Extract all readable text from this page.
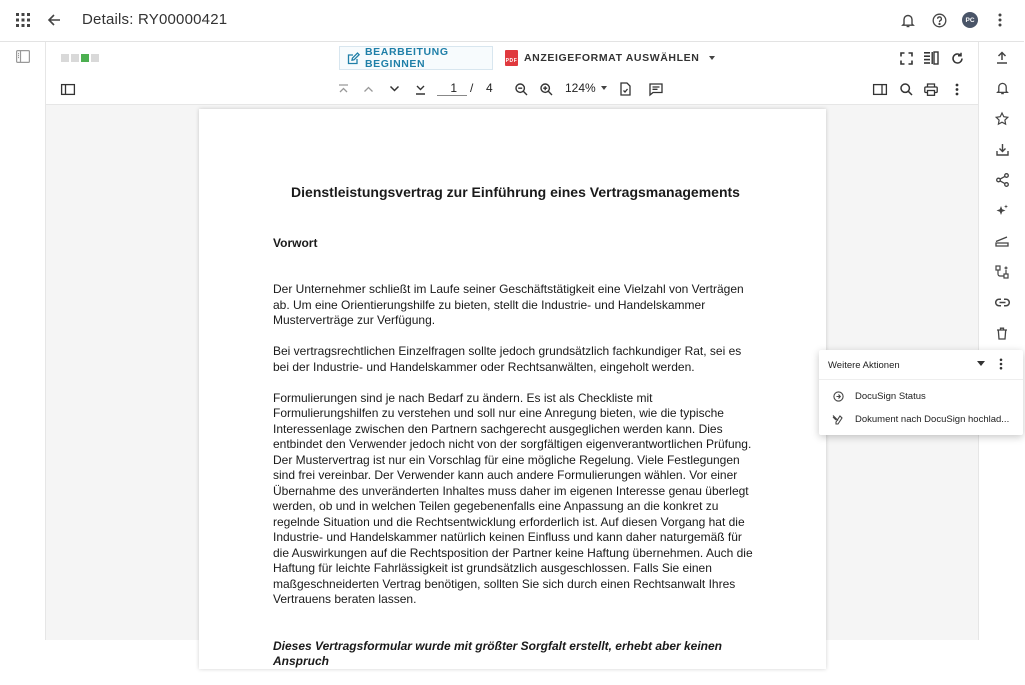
Details: RY00000421	PC
BEARBEITUNG BEGINNEN	PDF ANZEIGEFORMAT AUSWÄHLEN
1	/ 4	124%
Dienstleistungsvertrag zur Einführung eines Vertragsmanagements
Vorwort

Der Unternehmer schließt im Laufe seiner Geschäftstätigkeit eine Vielzahl von Verträgen ab. Um eine Orientierungshilfe zu bieten, stellt die Industrie- und Handelskammer Musterverträge zur Verfügung.

Bei vertragsrechtlichen Einzelfragen sollte jedoch grundsätzlich fachkundiger Rat, sei es bei der Industrie- und Handelskammer oder Rechtsanwälten, eingeholt werden.

Formulierungen sind je nach Bedarf zu ändern. Es ist als Checkliste mit Formulierungshilfen zu verstehen und soll nur eine Anregung bieten, wie die typische Interessenlage zwischen den Partnern sachgerecht ausgeglichen werden kann. Dies entbindet den Verwender jedoch nicht von der sorgfältigen eigenverantwortlichen Prüfung. Der Mustervertrag ist nur ein Vorschlag für eine mögliche Regelung. Viele Festlegungen sind frei vereinbar. Der Verwender kann auch andere Formulierungen wählen. Vor einer Übernahme des unveränderten Inhaltes muss daher im eigenen Interesse genau überlegt werden, ob und in welchen Teilen gegebenenfalls eine Anpassung an die konkret zu regelnde Situation und die Rechtsentwicklung erforderlich ist. Auf diesen Vorgang hat die Industrie- und Handelskammer natürlich keinen Einfluss und kann daher naturgemäß für die Auswirkungen auf die Rechtsposition der Partner keine Haftung übernehmen. Auch die Haftung für leichte Fahrlässigkeit ist grundsätzlich ausgeschlossen. Falls Sie einen maßgeschneiderten Vertrag benötigen, sollten Sie sich durch einen Rechtsanwalt Ihres Vertrauens beraten lassen.

Dieses Vertragsformular wurde mit größter Sorgfalt erstellt, erhebt aber keinen Anspruch

Weitere Aktionen
DocuSign Status
Dokument nach DocuSign hochlad...
